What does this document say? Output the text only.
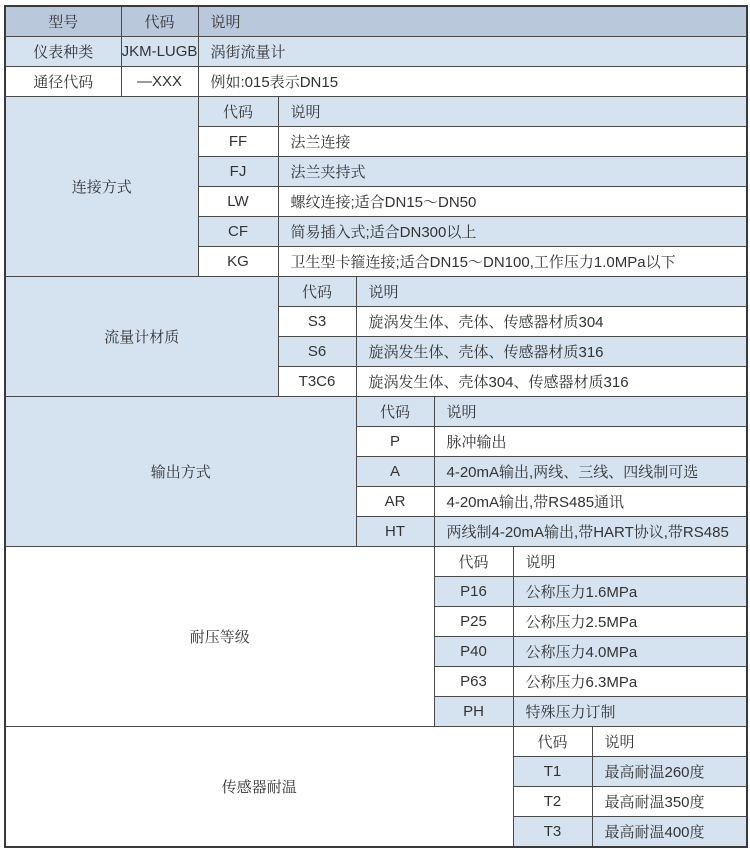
型号	代码	说明					
仪表种类	JKM-LUGB	涡街流量计					
通径代码	—XXX	例如:015表示DN15					
连接方式		代码	说明				
		FF	法兰连接				
		FJ	法兰夹持式				
		LW	螺纹连接;适合DN15～DN50				
		CF	简易插入式;适合DN300以上				
		KG	卫生型卡箍连接;适合DN15～DN100,工作压力1.0MPa以下				
流量计材质			代码	说明			
			S3	旋涡发生体、壳体、传感器材质304			
			S6	旋涡发生体、壳体、传感器材质316			
			T3C6	旋涡发生体、壳体304、传感器材质316			
输出方式				代码	说明		
				P	脉冲输出		
				A	4-20mA输出,两线、三线、四线制可选		
				AR	4-20mA输出,带RS485通讯		
				HT	两线制4-20mA输出,带HART协议,带RS485		
耐压等级					代码	说明	
					P16	公称压力1.6MPa	
					P25	公称压力2.5MPa	
					P40	公称压力4.0MPa	
					P63	公称压力6.3MPa	
					PH	特殊压力订制	
传感器耐温						代码	说明
						T1	最高耐温260度
						T2	最高耐温350度
						T3	最高耐温400度
